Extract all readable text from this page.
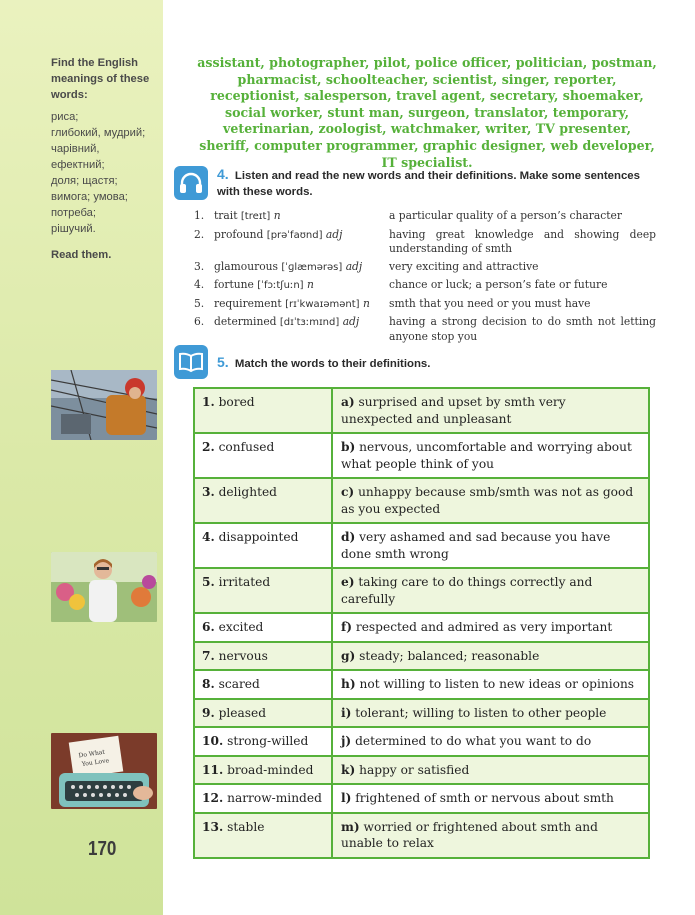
Find the English meanings of these words:
риса;
глибокий, мудрий;
чарівний,
ефектний;
доля; щастя;
вимога; умова;
потреба;
рішучий.
Read them.
Do What
You Love
170
assistant, photographer, pilot, police officer, politician, postman, pharmacist, schoolteacher, scientist, singer, reporter, receptionist, salesperson, travel agent, secretary, shoemaker, social worker, stunt man, surgeon, translator, temporary, veterinarian, zoologist, watchmaker, writer, TV presenter, sheriff, computer programmer, graphic designer, web developer, IT specialist.
4. Listen and read the new words and their definitions. Make some sentences with these words.
1. trait [treɪt] n	a particular quality of a person’s character
2. profound [prəˈfaʊnd] adj	having great knowledge and showing deep understanding of smth
3. glamourous [ˈɡlæmərəs] adj	very exciting and attractive
4. fortune [ˈfɔːtʃuːn] n	chance or luck; a person’s fate or future
5. requirement [rɪˈkwaɪəmənt] n	smth that you need or you must have
6. determined [dɪˈtɜːmɪnd] adj	having a strong decision to do smth not letting anyone stop you
5. Match the words to their definitions.
1. bored	a) surprised and upset by smth very unexpected and unpleasant
2. confused	b) nervous, uncomfortable and worrying about what people think of you
3. delighted	c) unhappy because smb/smth was not as good as you expected
4. disappointed	d) very ashamed and sad because you have done smth wrong
5. irritated	e) taking care to do things correctly and carefully
6. excited	f) respected and admired as very important
7. nervous	g) steady; balanced; reasonable
8. scared	h) not willing to listen to new ideas or opinions
9. pleased	i) tolerant; willing to listen to other people
10. strong-willed	j) determined to do what you want to do
11. broad-minded	k) happy or satisfied
12. narrow-minded	l) frightened of smth or nervous about smth
13. stable	m) worried or frightened about smth and unable to relax
